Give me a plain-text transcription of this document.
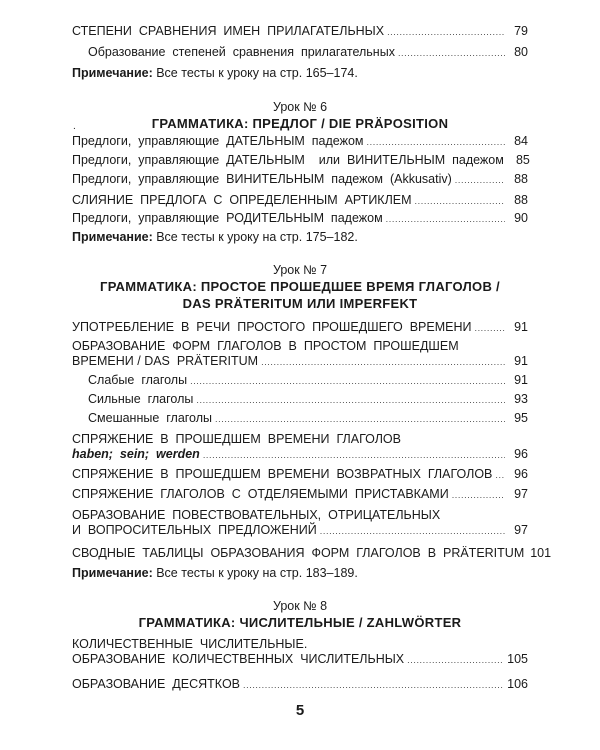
СТЕПЕНИ  СРАВНЕНИЯ  ИМЕН  ПРИЛАГАТЕЛЬНЫХ .....	79
Образование  степеней  сравнения  прилагательных .....	80
Примечание: Все тесты к уроку на стр. 165–174.
Урок № 6
ГРАММАТИКА: ПРЕДЛОГ / DIE PRÄPOSITION
.
Предлоги,  управляющие  ДАТЕЛЬНЫМ  падежом .....	84
Предлоги,  управляющие  ДАТЕЛЬНЫМ    или  ВИНИТЕЛЬНЫМ  падежом 85
Предлоги,  управляющие  ВИНИТЕЛЬНЫМ  падежом  (Akkusativ) .....	88
СЛИЯНИЕ  ПРЕДЛОГА  С  ОПРЕДЕЛЕННЫМ  АРТИКЛЕМ .....	88
Предлоги,  управляющие  РОДИТЕЛЬНЫМ  падежом .....	90
Примечание: Все тесты к уроку на стр. 175–182.
Урок № 7
ГРАММАТИКА: ПРОСТОЕ ПРОШЕДШЕЕ ВРЕМЯ ГЛАГОЛОВ /
DAS PRÄTERITUM ИЛИ IMPERFEKT
УПОТРЕБЛЕНИЕ  В  РЕЧИ  ПРОСТОГО  ПРОШЕДШЕГО  ВРЕМЕНИ .....	91
ОБРАЗОВАНИЕ  ФОРМ  ГЛАГОЛОВ  В  ПРОСТОМ  ПРОШЕДШЕМ
ВРЕМЕНИ / DAS  PRÄTERITUM .....	91
Слабые  глаголы .....	91
Сильные  глаголы .....	93
Смешанные  глаголы .....	95
СПРЯЖЕНИЕ  В  ПРОШЕДШЕМ  ВРЕМЕНИ  ГЛАГОЛОВ
haben;  sein;  werden .....	96
СПРЯЖЕНИЕ  В  ПРОШЕДШЕМ  ВРЕМЕНИ  ВОЗВРАТНЫХ  ГЛАГОЛОВ .....	96
СПРЯЖЕНИЕ  ГЛАГОЛОВ  С  ОТДЕЛЯЕМЫМИ  ПРИСТАВКАМИ .....	97
ОБРАЗОВАНИЕ  ПОВЕСТВОВАТЕЛЬНЫХ,  ОТРИЦАТЕЛЬНЫХ
И  ВОПРОСИТЕЛЬНЫХ  ПРЕДЛОЖЕНИЙ .....	97
СВОДНЫЕ  ТАБЛИЦЫ  ОБРАЗОВАНИЯ  ФОРМ  ГЛАГОЛОВ  В  PRÄTERITUM 101
Примечание: Все тесты к уроку на стр. 183–189.
Урок № 8
ГРАММАТИКА: ЧИСЛИТЕЛЬНЫЕ / ZAHLWÖRTER
КОЛИЧЕСТВЕННЫЕ  ЧИСЛИТЕЛЬНЫЕ.
ОБРАЗОВАНИЕ  КОЛИЧЕСТВЕННЫХ  ЧИСЛИТЕЛЬНЫХ .....	105
ОБРАЗОВАНИЕ  ДЕСЯТКОВ .....	106
5
